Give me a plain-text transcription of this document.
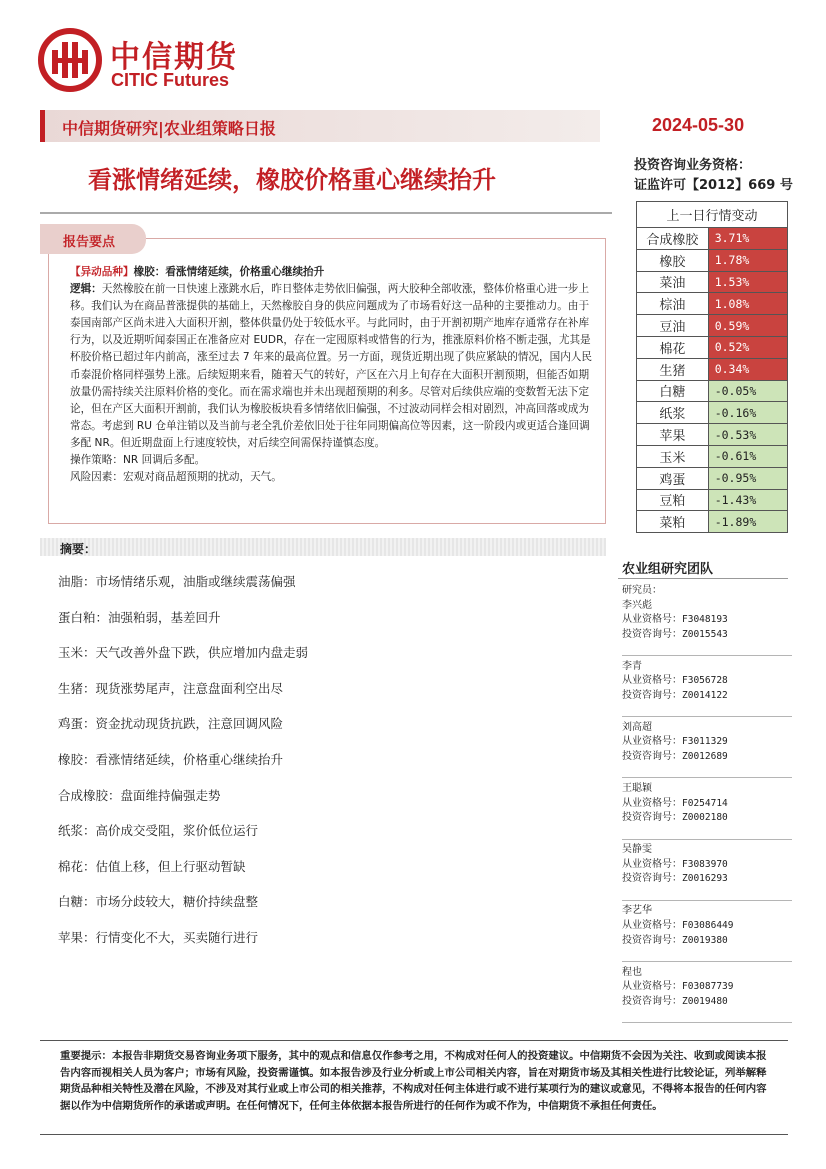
中信期货
CITIC Futures
中信期货研究|农业组策略日报	2024-05-30
看涨情绪延续，橡胶价格重心继续抬升
投资咨询业务资格：
证监许可【2012】669 号
报告要点

【异动品种】橡胶：看涨情绪延续，价格重心继续抬升

逻辑：天然橡胶在前一日快速上涨跳水后，昨日整体走势依旧偏强，两大胶种全部收涨，整体价格重心进一步上移。我们认为在商品普涨提供的基础上，天然橡胶自身的供应问题成为了市场看好这一品种的主要推动力。由于泰国南部产区尚未进入大面积开割，整体供量仍处于较低水平。与此同时，由于开割初期产地库存通常存在补库行为，以及近期听闻泰国正在准备应对 EUDR，存在一定囤原料或惜售的行为，推涨原料价格不断走强，尤其是杯胶价格已超过年内前高，涨至过去 7 年来的最高位置。另一方面，现货近期出现了供应紧缺的情况，国内人民币泰混价格同样强势上涨。后续短期来看，随着天气的转好，产区在六月上旬存在大面积开割预期，但能否如期放量仍需持续关注原料价格的变化。而在需求端也并未出现超预期的利多。尽管对后续供应端的变数暂无法下定论，但在产区大面积开割前，我们认为橡胶板块看多情绪依旧偏强，不过波动同样会相对剧烈，冲高回落或成为常态。考虑到 RU 仓单注销以及当前与老全乳价差依旧处于往年同期偏高位等因素，这一阶段内或更适合逢回调多配 NR。但近期盘面上行速度较快，对后续空间需保持谨慎态度。

操作策略：NR 回调后多配。

风险因素：宏观对商品超预期的扰动，天气。

摘要：
油脂：市场情绪乐观，油脂或继续震荡偏强
蛋白粕：油强粕弱，基差回升
玉米：天气改善外盘下跌，供应增加内盘走弱
生猪：现货涨势尾声，注意盘面利空出尽
鸡蛋：资金扰动现货抗跌，注意回调风险
橡胶：看涨情绪延续，价格重心继续抬升
合成橡胶：盘面维持偏强走势
纸浆：高价成交受阻，浆价低位运行
棉花：估值上移，但上行驱动暂缺
白糖：市场分歧较大，糖价持续盘整
苹果：行情变化不大，买卖随行进行
上一日行情变动	
合成橡胶	3.71%
橡胶	1.78%
菜油	1.53%
棕油	1.08%
豆油	0.59%
棉花	0.52%
生猪	0.34%
白糖	-0.05%
纸浆	-0.16%
苹果	-0.53%
玉米	-0.61%
鸡蛋	-0.95%
豆粕	-1.43%
菜粕	-1.89%
农业组研究团队
研究员：
李兴彪
从业资格号：F3048193
投资咨询号：Z0015543
李青
从业资格号：F3056728
投资咨询号：Z0014122
刘高超
从业资格号：F3011329
投资咨询号：Z0012689
王聪颖
从业资格号：F0254714
投资咨询号：Z0002180
吴静雯
从业资格号：F3083970
投资咨询号：Z0016293
李艺华
从业资格号：F03086449
投资咨询号：Z0019380
程也
从业资格号：F03087739
投资咨询号：Z0019480
重要提示：本报告非期货交易咨询业务项下服务，其中的观点和信息仅作参考之用，不构成对任何人的投资建议。中信期货不会因为关注、收到或阅读本报告内容而视相关人员为客户；市场有风险，投资需谨慎。如本报告涉及行业分析或上市公司相关内容，旨在对期货市场及其相关性进行比较论证，列举解释期货品种相关特性及潜在风险，不涉及对其行业或上市公司的相关推荐，不构成对任何主体进行或不进行某项行为的建议或意见，不得将本报告的任何内容据以作为中信期货所作的承诺或声明。在任何情况下，任何主体依据本报告所进行的任何作为或不作为，中信期货不承担任何责任。
